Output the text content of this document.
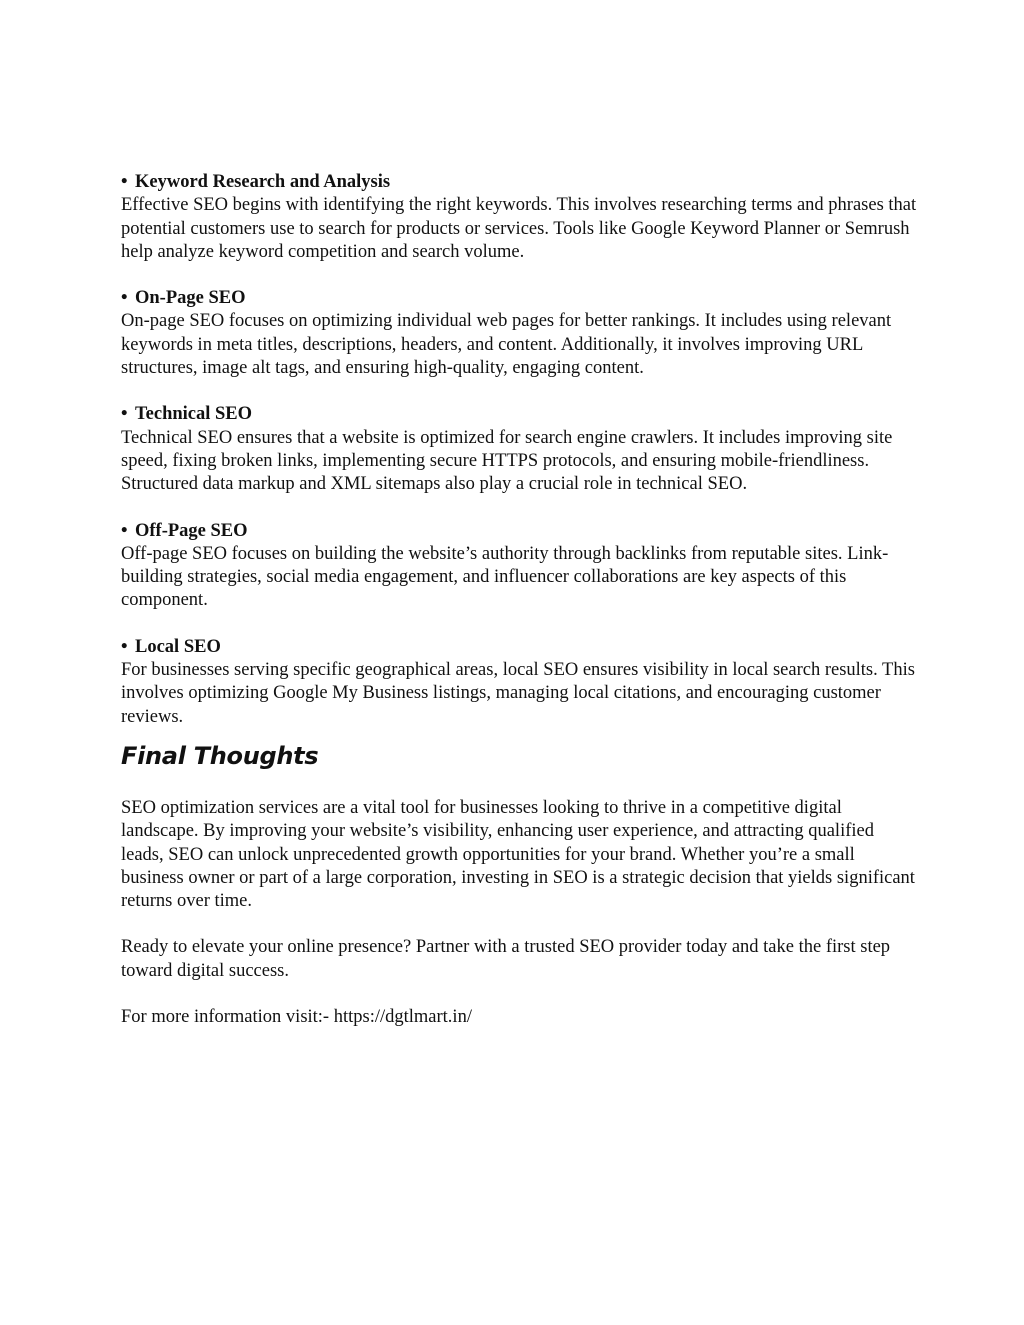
• Keyword Research and Analysis

Effective SEO begins with identifying the right keywords. This involves researching terms and phrases that potential customers use to search for products or services. Tools like Google Keyword Planner or Semrush help analyze keyword competition and search volume.

• On-Page SEO

On-page SEO focuses on optimizing individual web pages for better rankings. It includes using relevant keywords in meta titles, descriptions, headers, and content. Additionally, it involves improving URL structures, image alt tags, and ensuring high-quality, engaging content.

• Technical SEO

Technical SEO ensures that a website is optimized for search engine crawlers. It includes improving site speed, fixing broken links, implementing secure HTTPS protocols, and ensuring mobile-friendliness. Structured data markup and XML sitemaps also play a crucial role in technical SEO.

• Off-Page SEO

Off-page SEO focuses on building the website’s authority through backlinks from reputable sites. Link-building strategies, social media engagement, and influencer collaborations are key aspects of this component.

• Local SEO

For businesses serving specific geographical areas, local SEO ensures visibility in local search results. This involves optimizing Google My Business listings, managing local citations, and encouraging customer reviews.

Final Thoughts

SEO optimization services are a vital tool for businesses looking to thrive in a competitive digital landscape. By improving your website’s visibility, enhancing user experience, and attracting qualified leads, SEO can unlock unprecedented growth opportunities for your brand. Whether you’re a small business owner or part of a large corporation, investing in SEO is a strategic decision that yields significant returns over time.

Ready to elevate your online presence? Partner with a trusted SEO provider today and take the first step toward digital success.

For more information visit:- https://dgtlmart.in/
